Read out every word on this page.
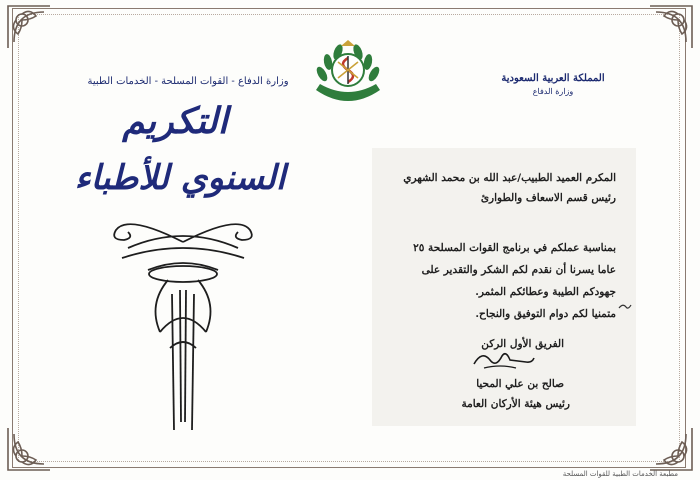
وزارة الدفاع - القوات المسلحة - الخدمات الطبية
التكريم
السنوي للأطباء
المملكة العربية السعودية
وزارة الدفاع
المكرم العميد الطبيب/عبد الله بن محمد الشهري
رئيس قسم الاسعاف والطوارئ
بمناسبة عملكم في برنامج القوات المسلحة ٢٥
عاما يسرنا أن نقدم لكم الشكر والتقدير على
جهودكم الطيبة وعطائكم المثمر.
متمنيا لكم دوام التوفيق والنجاح.
الفريق الأول الركن
صالح بن علي المحيا
رئيس هيئة الأركان العامة
مطبعة الخدمات الطبية للقوات المسلحة
